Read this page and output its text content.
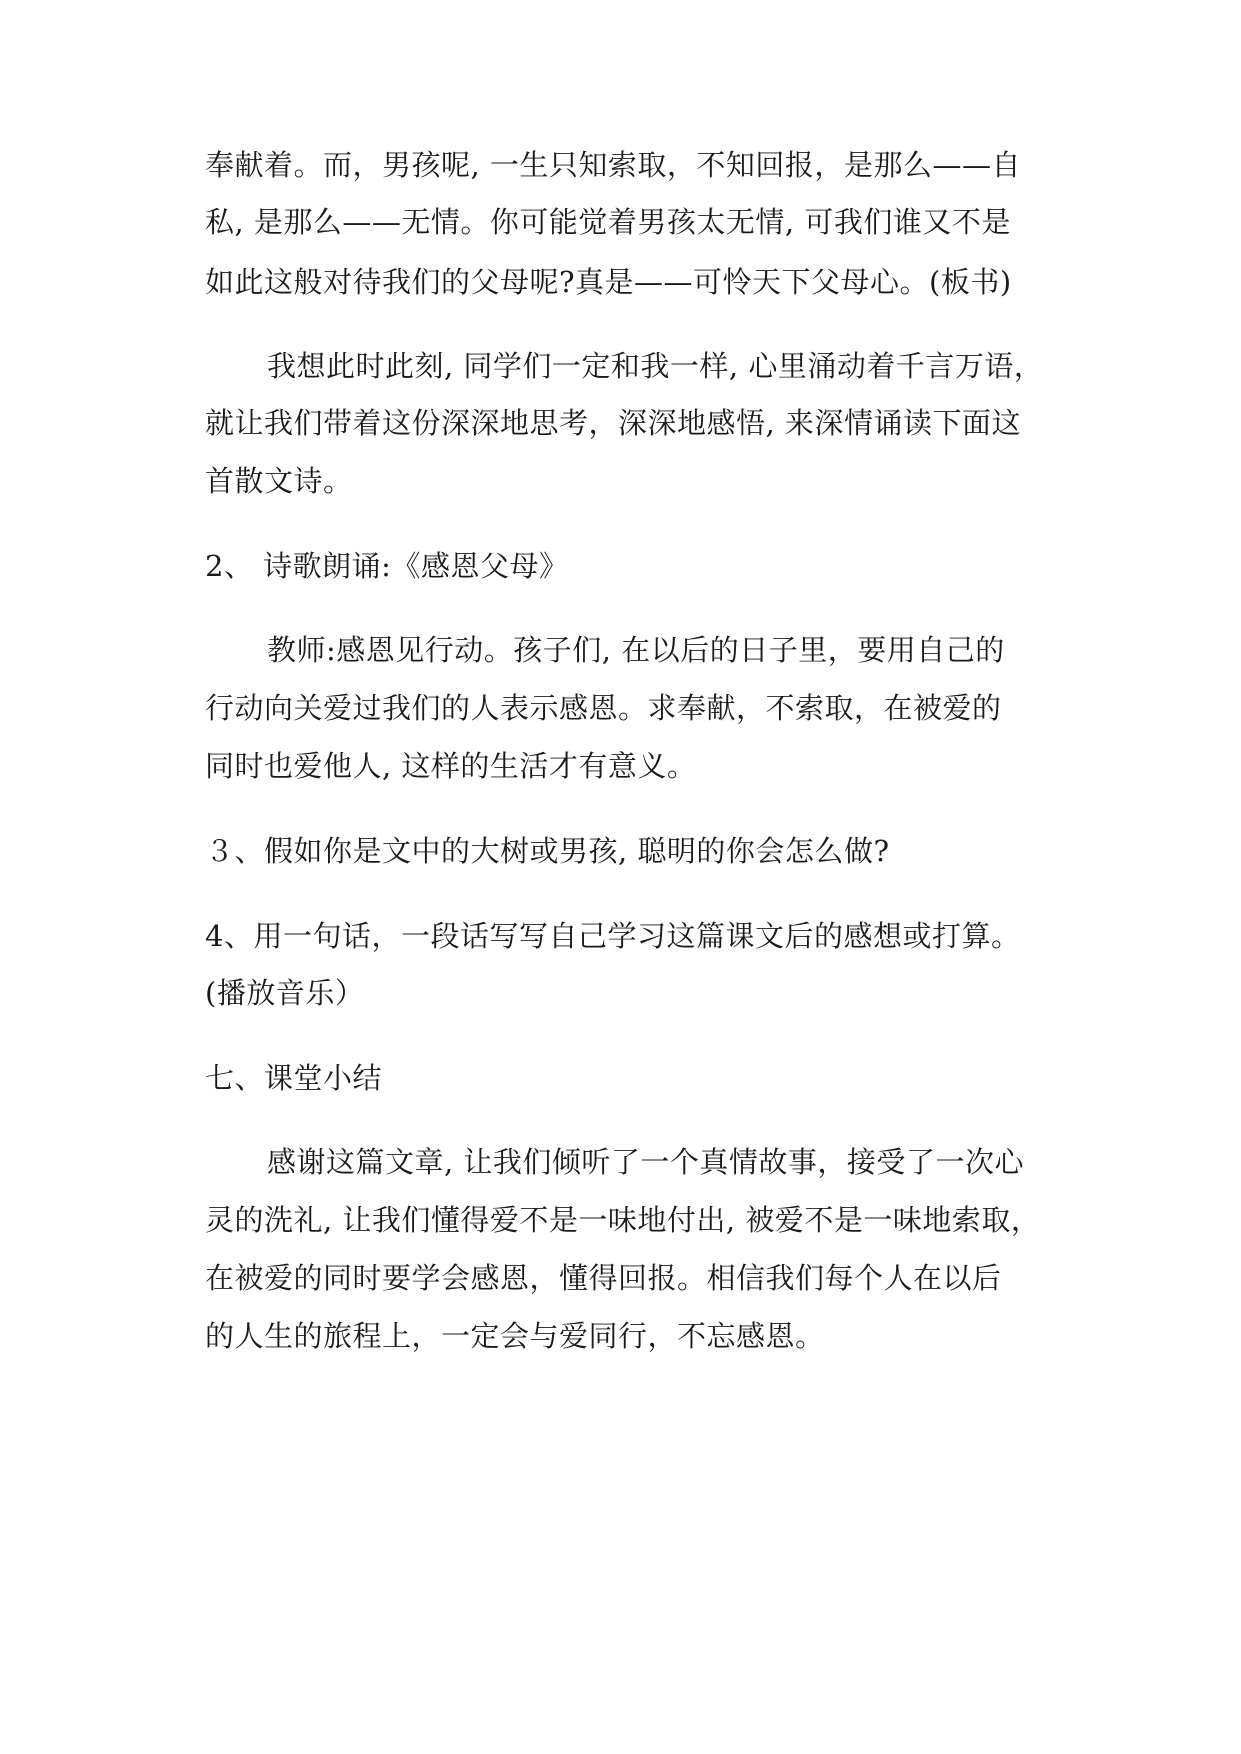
奉献着。而，男孩呢, 一生只知索取，不知回报，是那么——自
私, 是那么——无情。你可能觉着男孩太无情, 可我们谁又不是
如此这般对待我们的父母呢?真是——可怜天下父母心。(板书)
我想此时此刻, 同学们一定和我一样, 心里涌动着千言万语，
就让我们带着这份深深地思考，深深地感悟, 来深情诵读下面这
首散文诗。
2、 诗歌朗诵:《感恩父母》
教师:感恩见行动。孩子们, 在以后的日子里，要用自己的
行动向关爱过我们的人表示感恩。求奉献，不索取，在被爱的
同时也爱他人, 这样的生活才有意义。
３、假如你是文中的大树或男孩, 聪明的你会怎么做?
4、用一句话，一段话写写自己学习这篇课文后的感想或打算。
(播放音乐）
七、课堂小结
感谢这篇文章, 让我们倾听了一个真情故事，接受了一次心
灵的洗礼, 让我们懂得爱不是一味地付出, 被爱不是一味地索取，
在被爱的同时要学会感恩，懂得回报。相信我们每个人在以后
的人生的旅程上，一定会与爱同行，不忘感恩。
